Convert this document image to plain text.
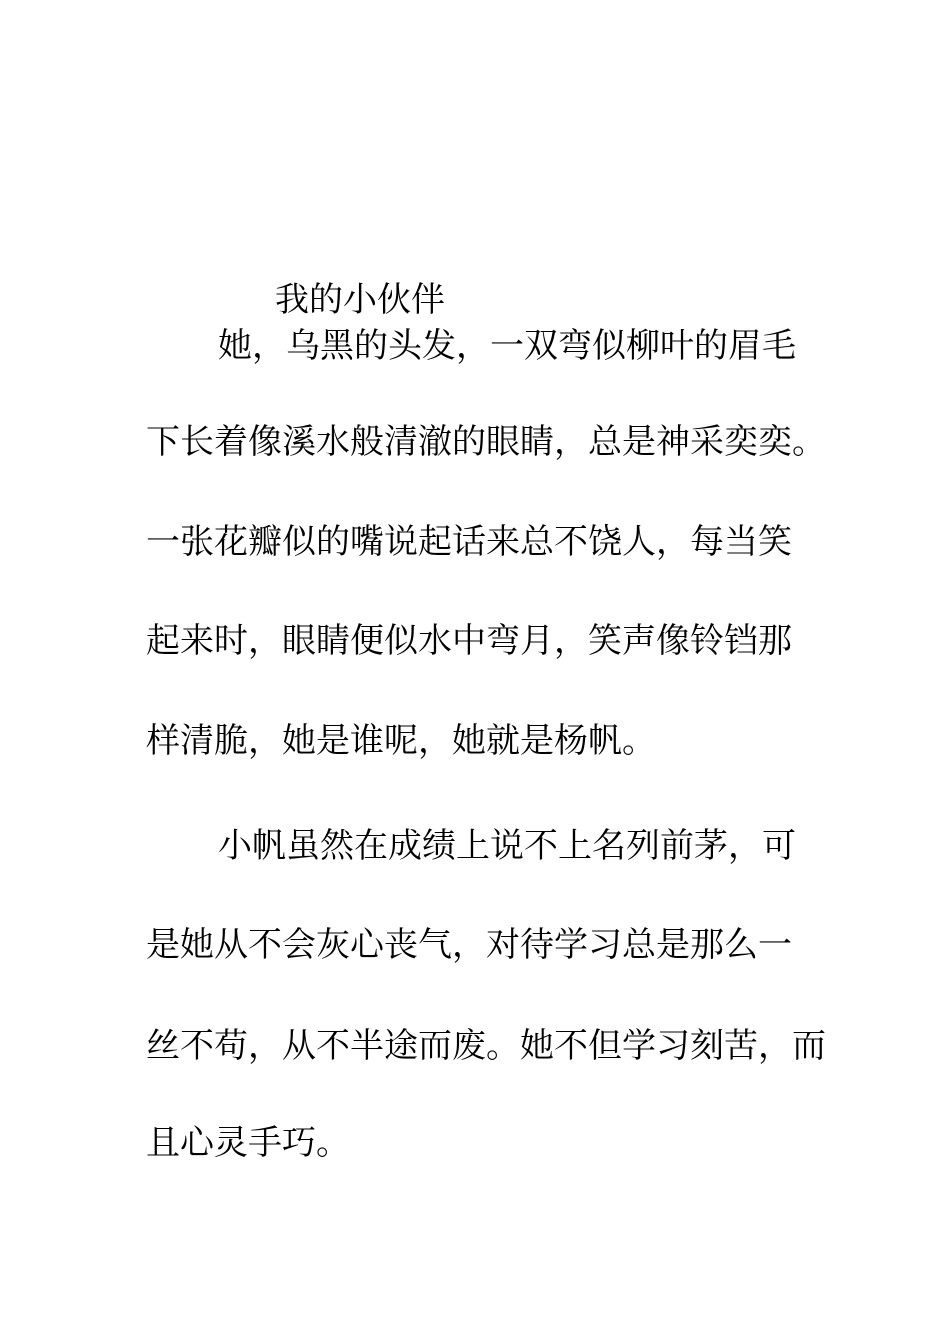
我的小伙伴

她，乌黑的头发，一双弯似柳叶的眉毛

下长着像溪水般清澈的眼睛，总是神采奕奕。

一张花瓣似的嘴说起话来总不饶人，每当笑

起来时，眼睛便似水中弯月，笑声像铃铛那

样清脆，她是谁呢，她就是杨帆。

小帆虽然在成绩上说不上名列前茅，可

是她从不会灰心丧气，对待学习总是那么一

丝不苟，从不半途而废。她不但学习刻苦，而

且心灵手巧。
